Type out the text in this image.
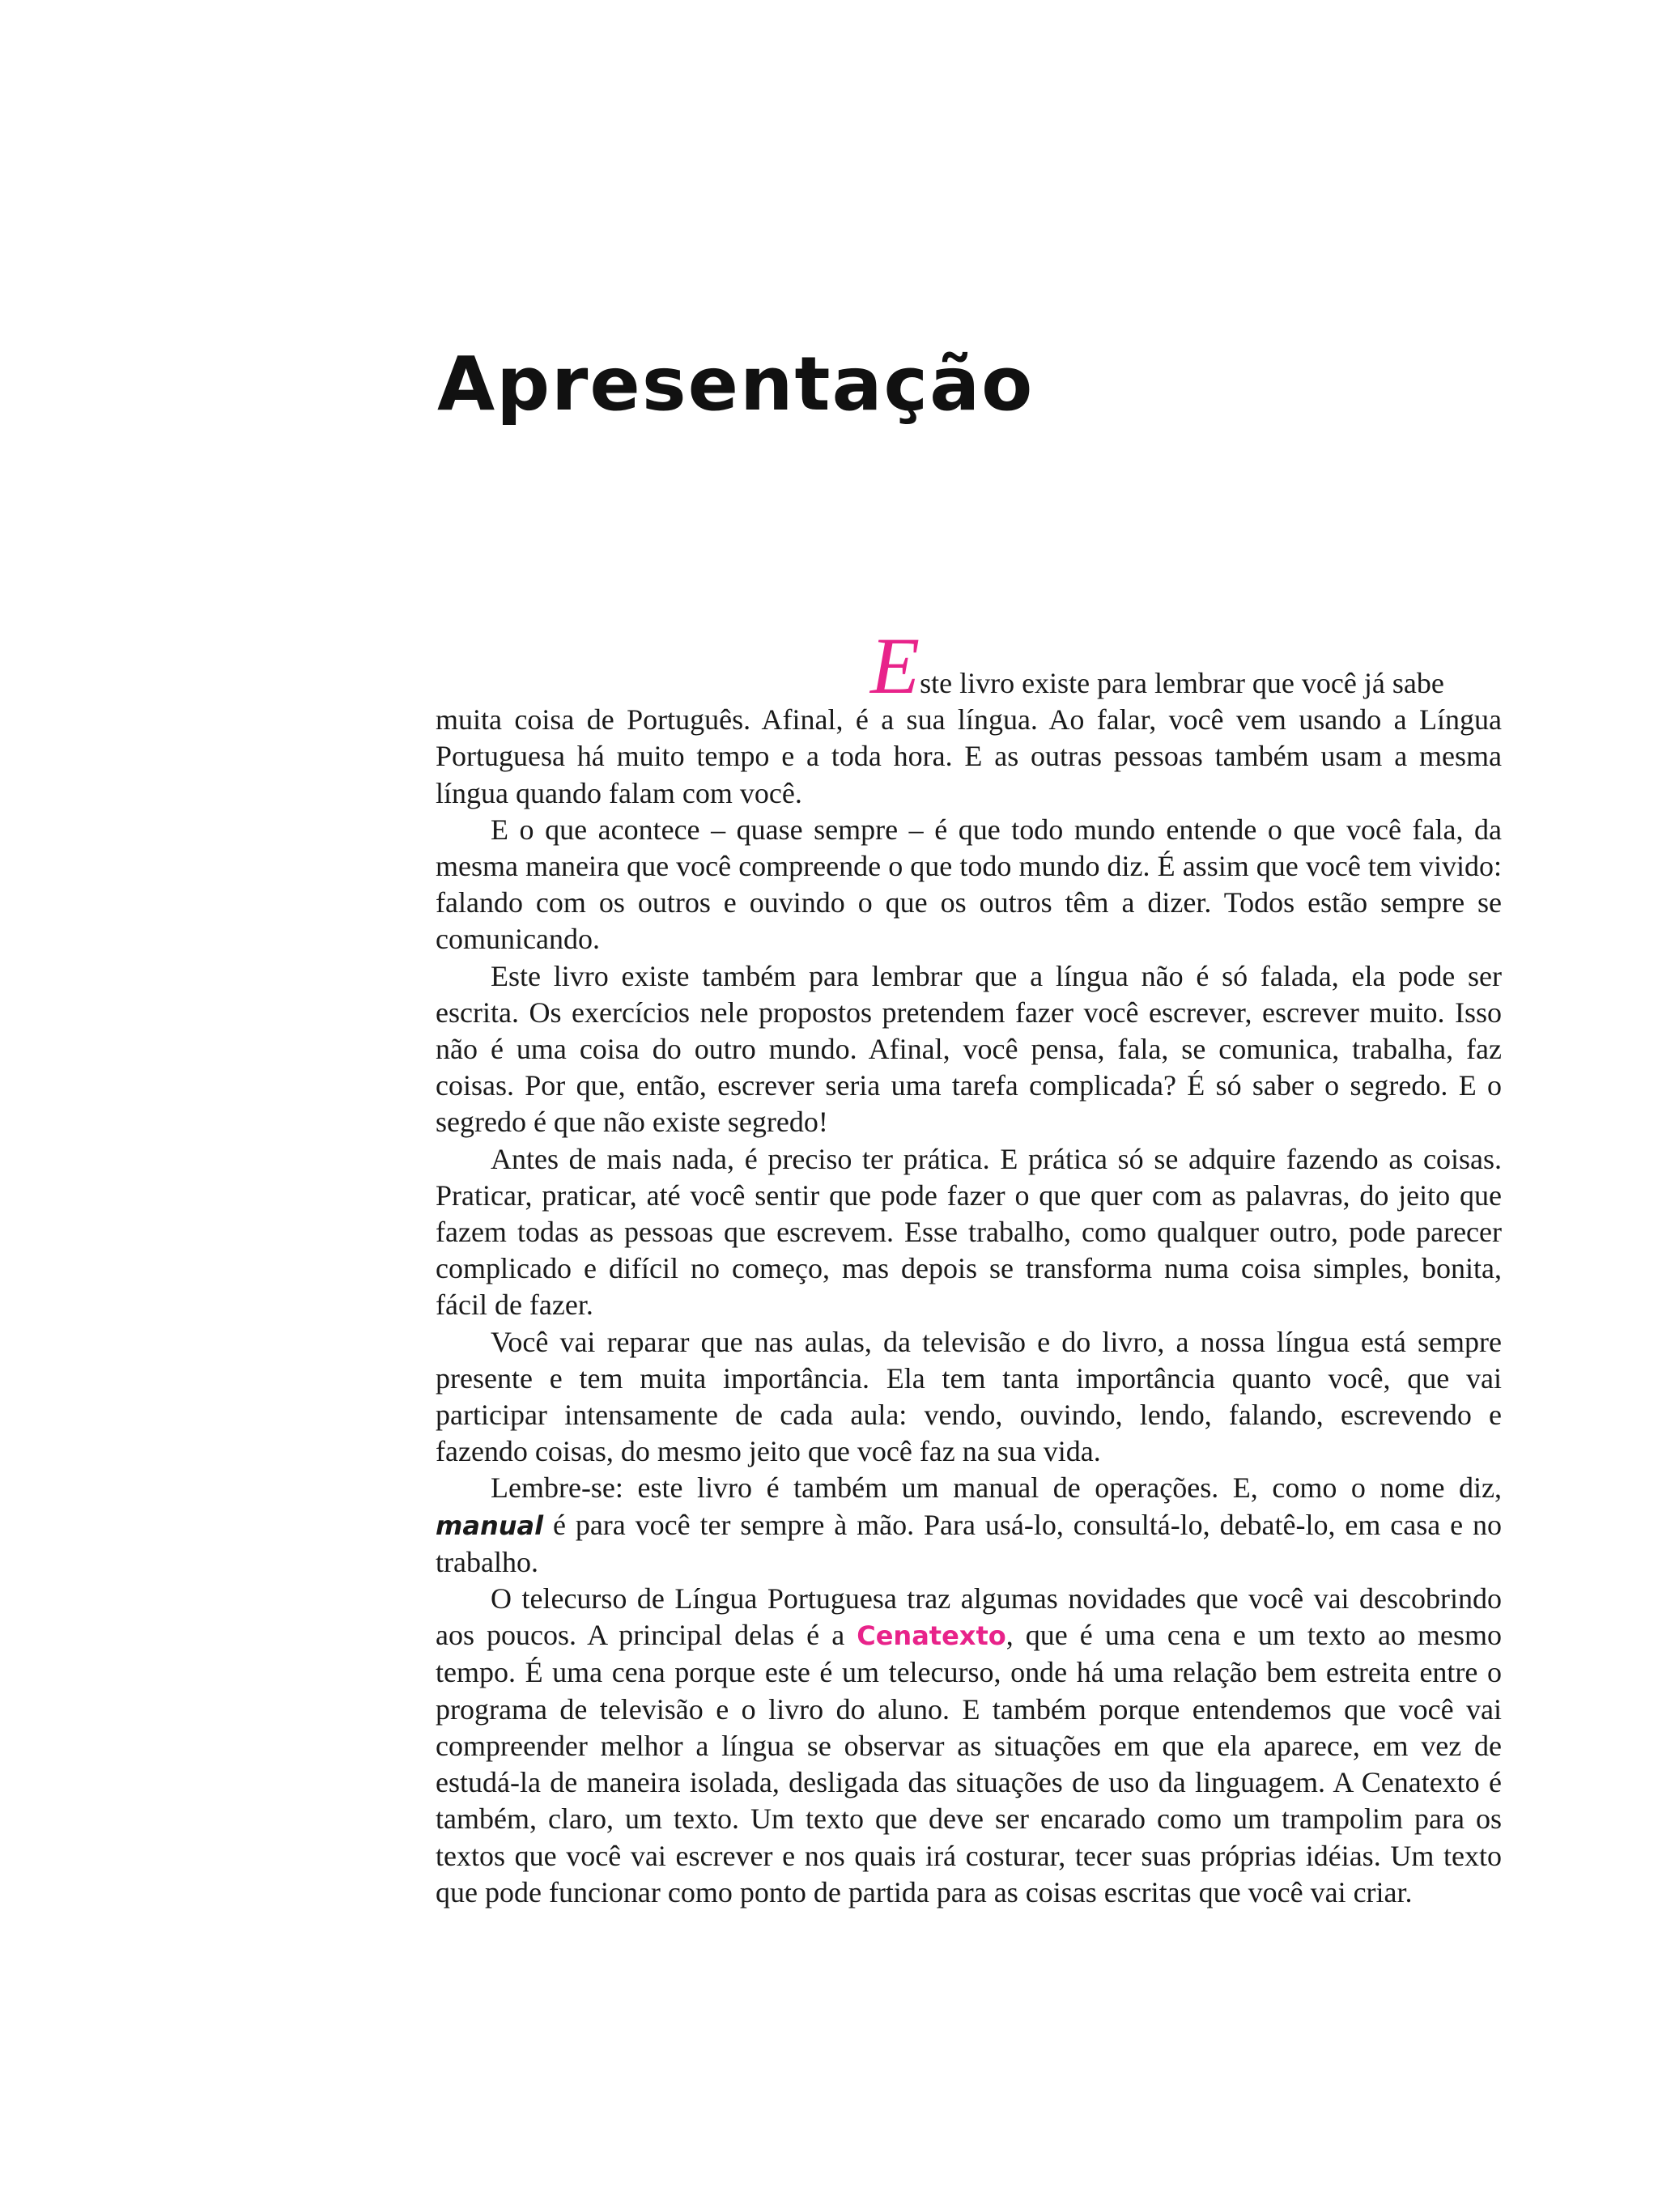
Apresentação

Este livro existe para lembrar que você já sabe

muita coisa de Português. Afinal, é a sua língua. Ao falar, você vem usando a Língua Portuguesa há muito tempo e a toda hora. E as outras pessoas também usam a mesma língua quando falam com você.

E o que acontece – quase sempre – é que todo mundo entende o que você fala, da mesma maneira que você compreende o que todo mundo diz. É assim que você tem vivido: falando com os outros e ouvindo o que os outros têm a dizer. Todos estão sempre se comunicando.

Este livro existe também para lembrar que a língua não é só falada, ela pode ser escrita. Os exercícios nele propostos pretendem fazer você escrever, escrever muito. Isso não é uma coisa do outro mundo. Afinal, você pensa, fala, se comunica, trabalha, faz coisas. Por que, então, escrever seria uma tarefa complicada? É só saber o segredo. E o segredo é que não existe segredo!

Antes de mais nada, é preciso ter prática. E prática só se adquire fazendo as coisas. Praticar, praticar, até você sentir que pode fazer o que quer com as palavras, do jeito que fazem todas as pessoas que escrevem. Esse trabalho, como qualquer outro, pode parecer complicado e difícil no começo, mas depois se transforma numa coisa simples, bonita, fácil de fazer.

Você vai reparar que nas aulas, da televisão e do livro, a nossa língua está sempre presente e tem muita importância. Ela tem tanta importância quanto você, que vai participar intensamente de cada aula: vendo, ouvindo, lendo, falando, escrevendo e fazendo coisas, do mesmo jeito que você faz na sua vida.

Lembre-se: este livro é também um manual de operações. E, como o nome diz, manual é para você ter sempre à mão. Para usá-lo, consultá-lo, debatê-lo, em casa e no trabalho.

O telecurso de Língua Portuguesa traz algumas novidades que você vai descobrindo aos poucos. A principal delas é a Cenatexto, que é uma cena e um texto ao mesmo tempo. É uma cena porque este é um telecurso, onde há uma relação bem estreita entre o programa de televisão e o livro do aluno. E também porque entendemos que você vai compreender melhor a língua se observar as situações em que ela aparece, em vez de estudá-la de maneira isolada, desligada das situações de uso da linguagem. A Cenatexto é também, claro, um texto. Um texto que deve ser encarado como um trampolim para os textos que você vai escrever e nos quais irá costurar, tecer suas próprias idéias. Um texto que pode funcionar como ponto de partida para as coisas escritas que você vai criar.
